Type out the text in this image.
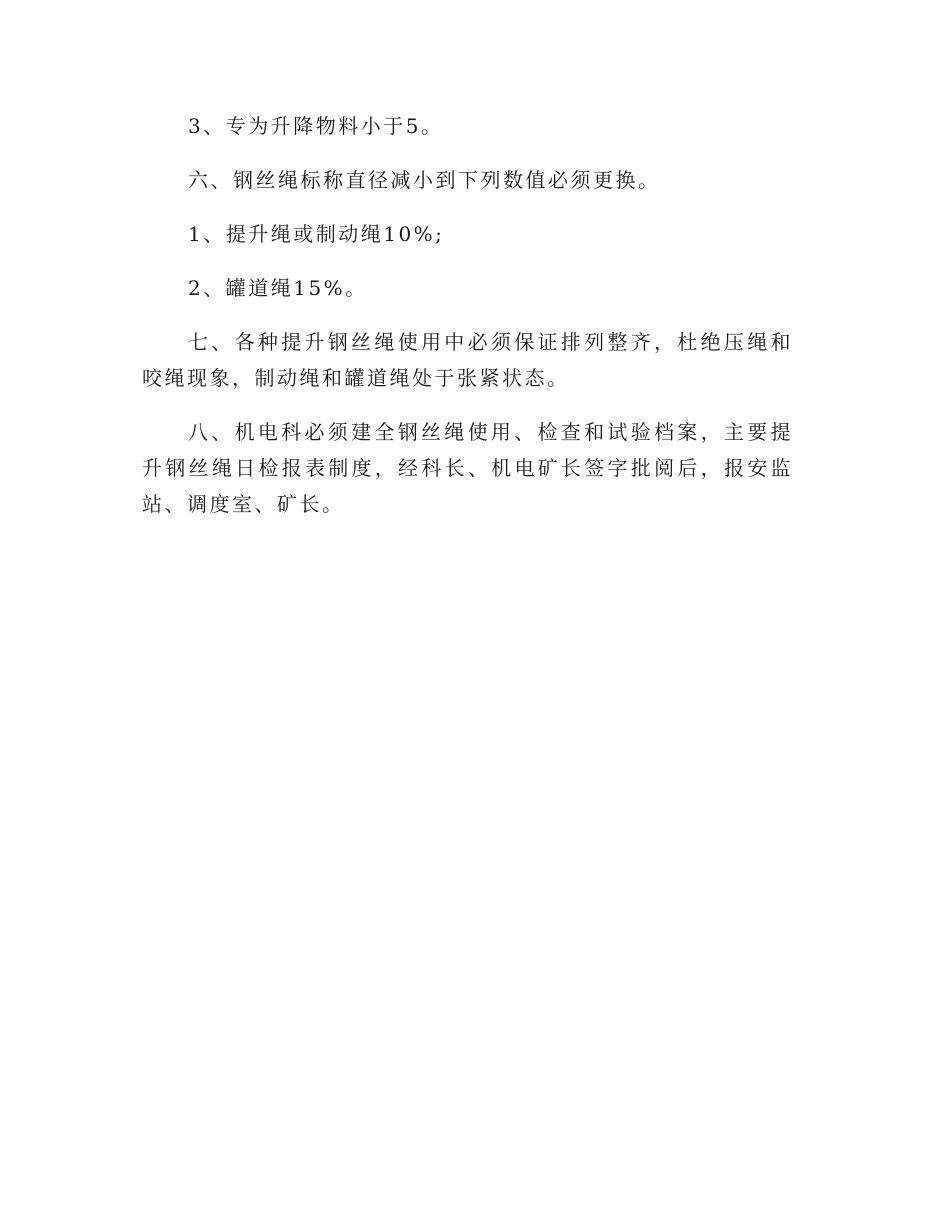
3、专为升降物料小于5。

六、钢丝绳标称直径减小到下列数值必须更换。

1、提升绳或制动绳10%;

2、罐道绳15%。

七、各种提升钢丝绳使用中必须保证排列整齐，杜绝压绳和咬绳现象，制动绳和罐道绳处于张紧状态。

八、机电科必须建全钢丝绳使用、检查和试验档案，主要提升钢丝绳日检报表制度，经科长、机电矿长签字批阅后，报安监站、调度室、矿长。
